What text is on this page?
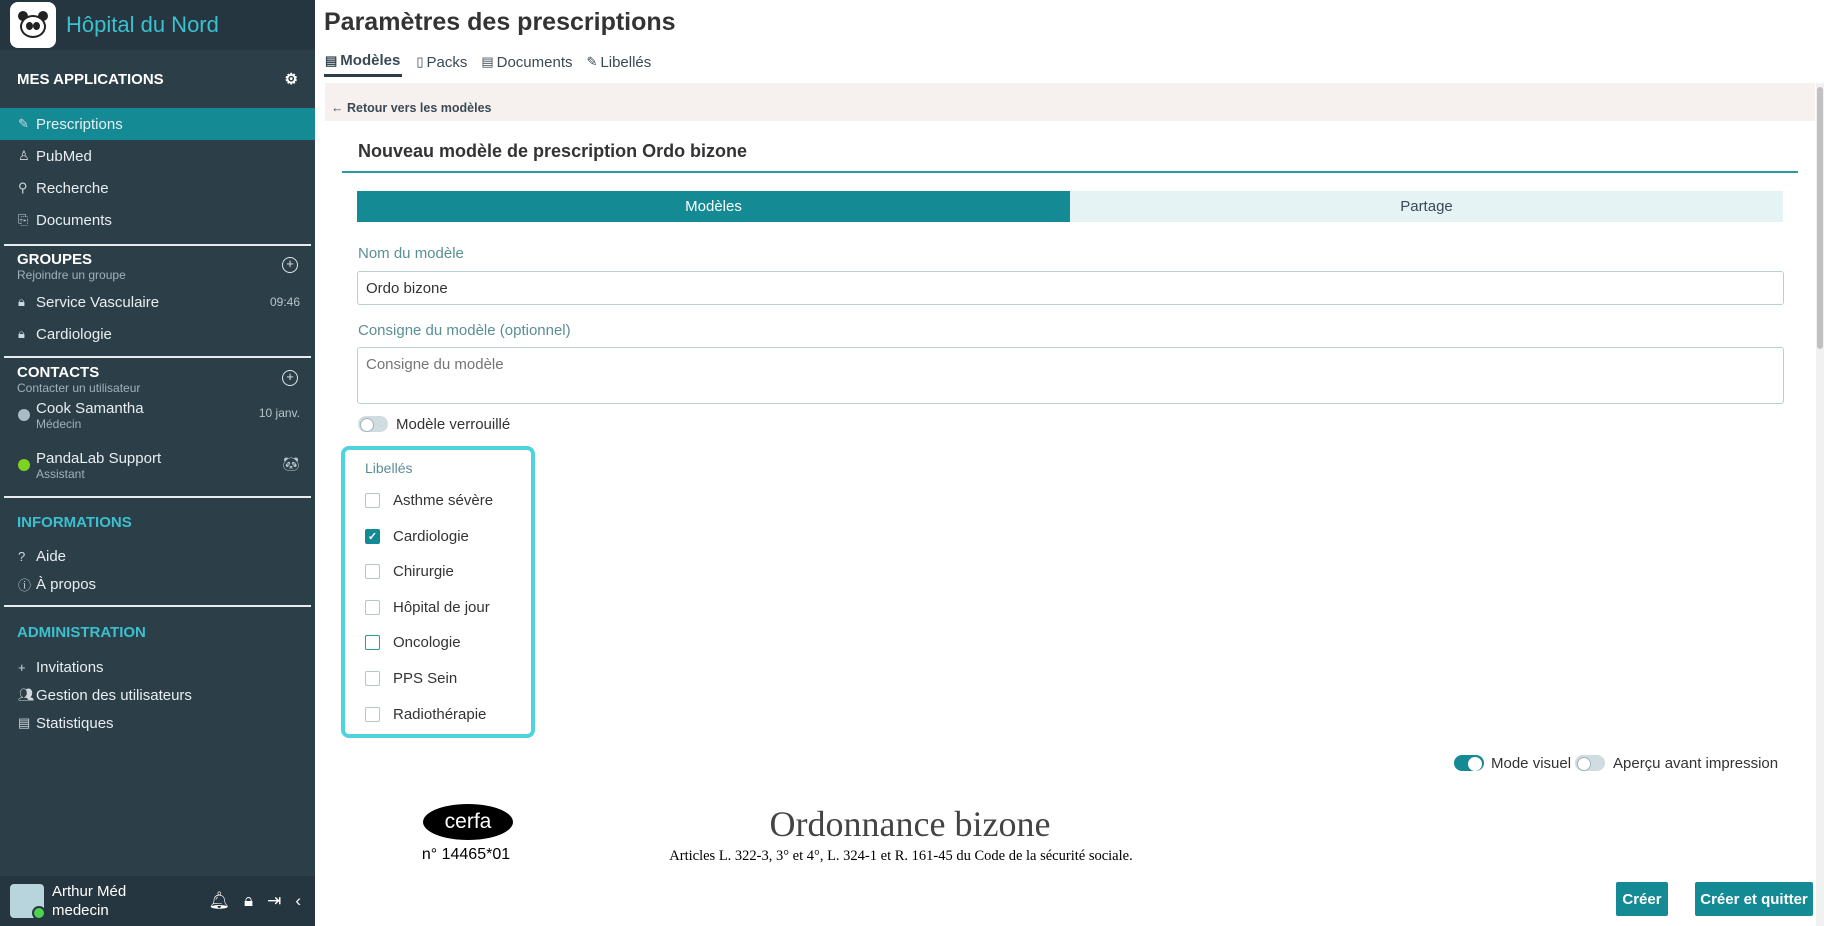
Hôpital du Nord
MES APPLICATIONS	⚙
✎ Prescriptions
♙ PubMed
⚲ Recherche
⎘ Documents
GROUPES
Rejoindre un groupe
+
🔒︎ Service Vasculaire	09:46
🔒︎ Cardiologie
CONTACTS
Contacter un utilisateur
+
Cook Samantha
Médecin
10 janv.
PandaLab Support
Assistant
🐼︎
INFORMATIONS
? Aide
ⓘ À propos
ADMINISTRATION
+ Invitations
👥︎ Gestion des utilisateurs
▤ Statistiques
Arthur Méd
medecin
🔔︎ 🔒︎ ⇥ ‹
Paramètres des prescriptions
▤ Modèles ▯ Packs ▤ Documents ✎ Libellés
← Retour vers les modèles
Nouveau modèle de prescription Ordo bizone
Modèles	Partage
Nom du modèle
Ordo bizone
Consigne du modèle (optionnel)
Consigne du modèle
Modèle verrouillé
Libellés
Asthme sévère
✓ Cardiologie
Chirurgie
Hôpital de jour
Oncologie
PPS Sein
Radiothérapie
Mode visuel	Aperçu avant impression
cerfa
n° 14465*01
Ordonnance bizone
Articles L. 322-3, 3° et 4°, L. 324-1 et R. 161-45 du Code de la sécurité sociale.
Créer	Créer et quitter
